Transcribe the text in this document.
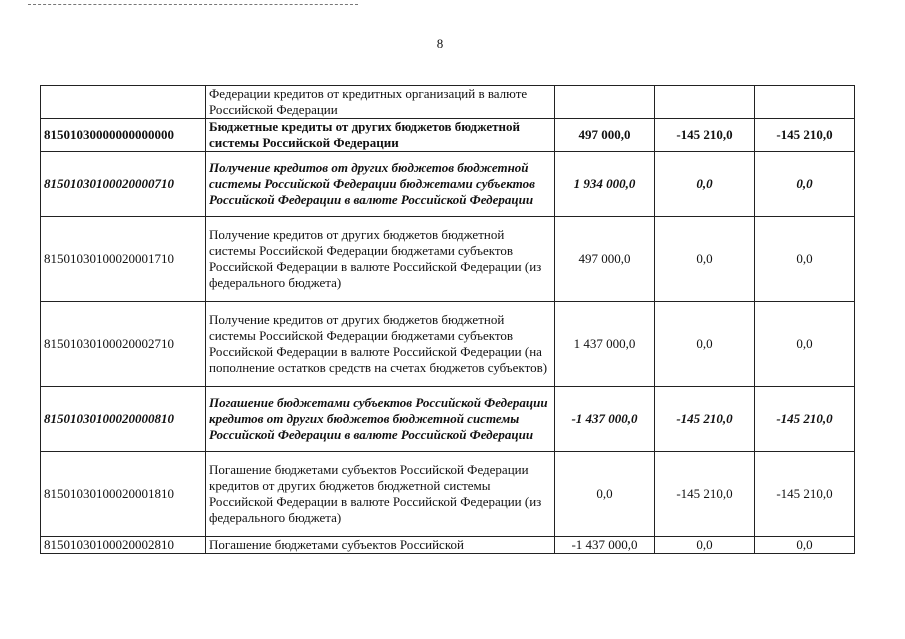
8
	Федерации кредитов от кредитных организаций в валюте Российской Федерации			
81501030000000000000	Бюджетные кредиты от других бюджетов бюджетной системы Российской Федерации	497 000,0	-145 210,0	-145 210,0
81501030100020000710	Получение кредитов от других бюджетов бюджетной системы Российской Федерации бюджетами субъектов Российской Федерации в валюте Российской Федерации	1 934 000,0	0,0	0,0
81501030100020001710	Получение кредитов от других бюджетов бюджетной системы Российской Федерации бюджетами субъектов Российской Федерации в валюте Российской Федерации (из федерального бюджета)	497 000,0	0,0	0,0
81501030100020002710	Получение кредитов от других бюджетов бюджетной системы Российской Федерации бюджетами субъектов Российской Федерации в валюте Российской Федерации (на пополнение остатков средств на счетах бюджетов субъектов)	1 437 000,0	0,0	0,0
81501030100020000810	Погашение бюджетами субъектов Российской Федерации кредитов от других бюджетов бюджетной системы Российской Федерации в валюте Российской Федерации	-1 437 000,0	-145 210,0	-145 210,0
81501030100020001810	Погашение бюджетами субъектов Российской Федерации кредитов от других бюджетов бюджетной системы Российской Федерации в валюте Российской Федерации (из федерального бюджета)	0,0	-145 210,0	-145 210,0
81501030100020002810	Погашение бюджетами субъектов Российской	-1 437 000,0	0,0	0,0
